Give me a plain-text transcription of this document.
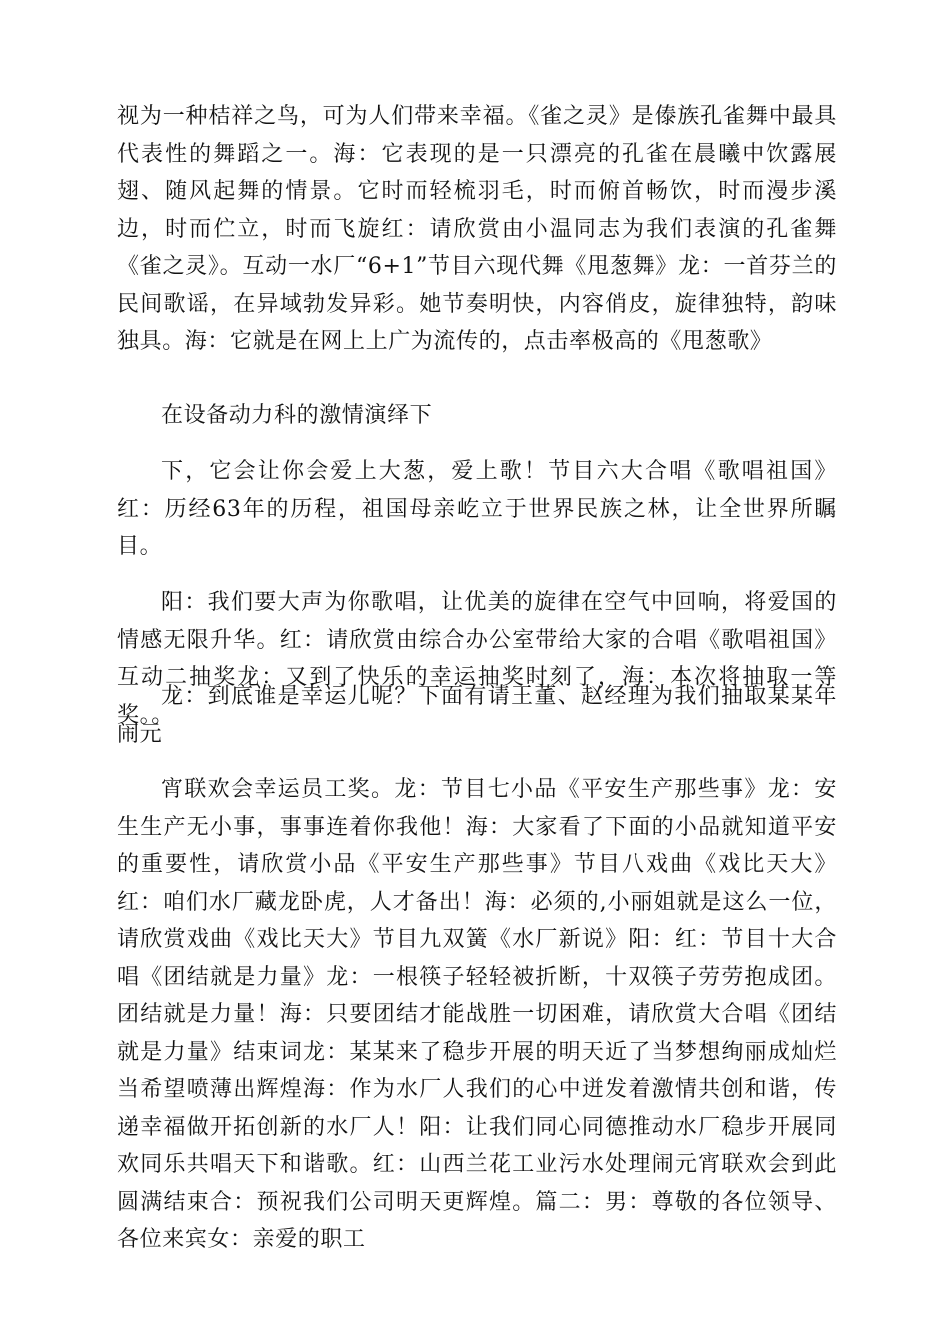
视为一种桔祥之鸟，可为人们带来幸福。《雀之灵》是傣族孔雀舞中最具代表性的舞蹈之一。海：它表现的是一只漂亮的孔雀在晨曦中饮露展翅、随风起舞的情景。它时而轻梳羽毛，时而俯首畅饮，时而漫步溪边，时而伫立，时而飞旋红：请欣赏由小温同志为我们表演的孔雀舞《雀之灵》。互动一水厂“6+1”节目六现代舞《甩葱舞》龙：一首芬兰的民间歌谣，在异域勃发异彩。她节奏明快，内容俏皮，旋律独特，韵味独具。海：它就是在网上上广为流传的，点击率极高的《甩葱歌》

在设备动力科的激情演绎下

下，它会让你会爱上大葱，爱上歌！节目六大合唱《歌唱祖国》红：历经63年的历程，祖国母亲屹立于世界民族之林，让全世界所瞩目。

阳：我们要大声为你歌唱，让优美的旋律在空气中回响，将爱国的情感无限升华。红：请欣赏由综合办公室带给大家的合唱《歌唱祖国》互动二抽奖龙：又到了快乐的幸运抽奖时刻了，海：本次将抽取一等奖。。

龙：到底谁是幸运儿呢？下面有请王董、赵经理为我们抽取某某年闹元

宵联欢会幸运员工奖。龙：节目七小品《平安生产那些事》龙：安生生产无小事，事事连着你我他！海：大家看了下面的小品就知道平安的重要性，请欣赏小品《平安生产那些事》节目八戏曲《戏比天大》红：咱们水厂藏龙卧虎，人才备出！海：必须的,小丽姐就是这么一位，请欣赏戏曲《戏比天大》节目九双簧《水厂新说》阳：红：节目十大合唱《团结就是力量》龙：一根筷子轻轻被折断，十双筷子劳劳抱成团。团结就是力量！海：只要团结才能战胜一切困难，请欣赏大合唱《团结就是力量》结束词龙：某某来了稳步开展的明天近了当梦想绚丽成灿烂当希望喷薄出辉煌海：作为水厂人我们的心中迸发着激情共创和谐，传递幸福做开拓创新的水厂人！阳：让我们同心同德推动水厂稳步开展同欢同乐共唱天下和谐歌。红：山西兰花工业污水处理闹元宵联欢会到此圆满结束合：预祝我们公司明天更辉煌。篇二：男：尊敬的各位领导、各位来宾女：亲爱的职工
